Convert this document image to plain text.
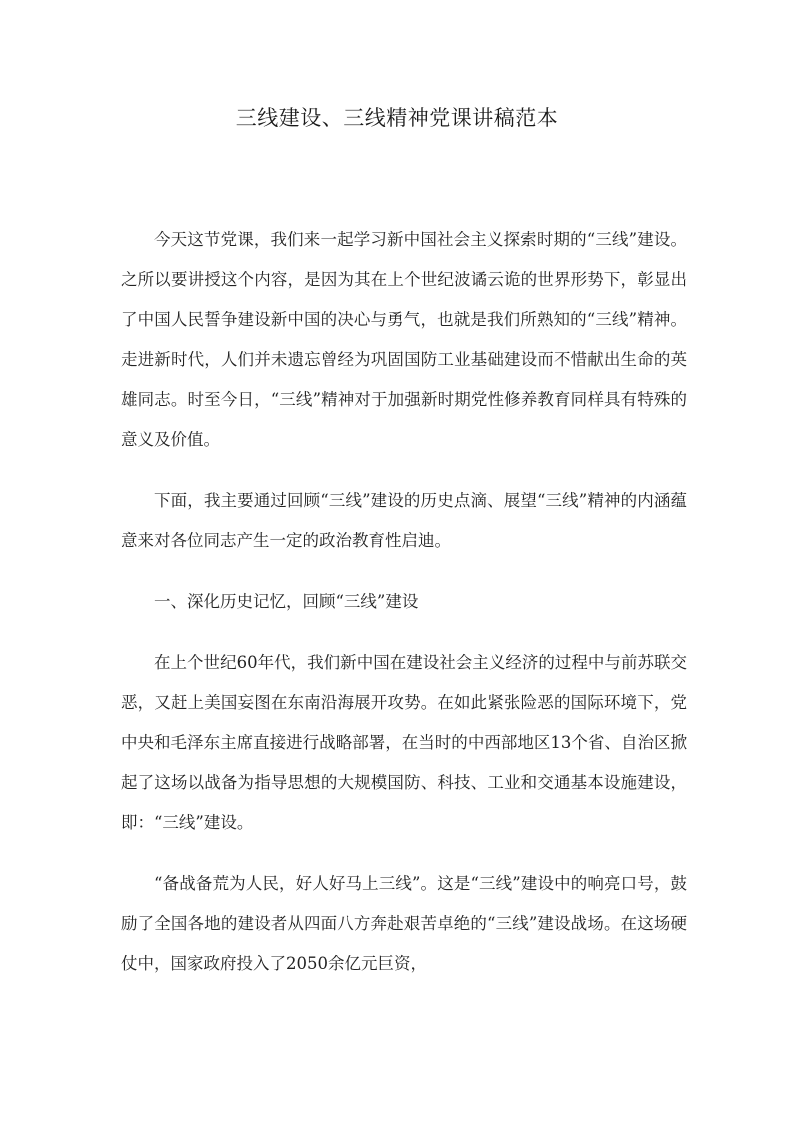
三线建设、三线精神党课讲稿范本

今天这节党课，我们来一起学习新中国社会主义探索时期的“三线”建设。之所以要讲授这个内容，是因为其在上个世纪波谲云诡的世界形势下，彰显出了中国人民誓争建设新中国的决心与勇气，也就是我们所熟知的“三线”精神。走进新时代，人们并未遗忘曾经为巩固国防工业基础建设而不惜献出生命的英雄同志。时至今日，“三线”精神对于加强新时期党性修养教育同样具有特殊的意义及价值。

下面，我主要通过回顾“三线”建设的历史点滴、展望“三线”精神的内涵蕴意来对各位同志产生一定的政治教育性启迪。

一、深化历史记忆，回顾“三线”建设

在上个世纪60年代，我们新中国在建设社会主义经济的过程中与前苏联交恶，又赶上美国妄图在东南沿海展开攻势。在如此紧张险恶的国际环境下，党中央和毛泽东主席直接进行战略部署，在当时的中西部地区13个省、自治区掀起了这场以战备为指导思想的大规模国防、科技、工业和交通基本设施建设，即：“三线”建设。

“备战备荒为人民，好人好马上三线”。这是“三线”建设中的响亮口号，鼓励了全国各地的建设者从四面八方奔赴艰苦卓绝的“三线”建设战场。在这场硬仗中，国家政府投入了2050余亿元巨资，
